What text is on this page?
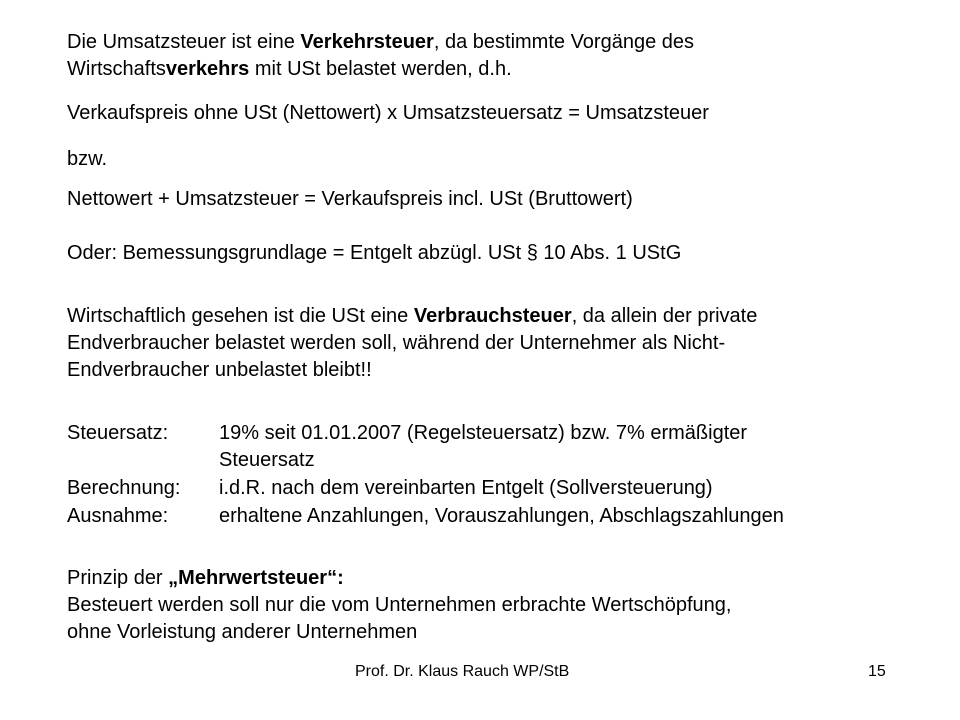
Die Umsatzsteuer ist eine Verkehrsteuer, da bestimmte Vorgänge des
Wirtschaftsverkehrs mit USt belastet werden, d.h.
Verkaufspreis ohne USt (Nettowert) x Umsatzsteuersatz = Umsatzsteuer
bzw.
Nettowert + Umsatzsteuer = Verkaufspreis incl. USt (Bruttowert)
Oder: Bemessungsgrundlage = Entgelt abzügl. USt § 10 Abs. 1 UStG
Wirtschaftlich gesehen ist die USt eine Verbrauchsteuer, da allein der private
Endverbraucher belastet werden soll, während der Unternehmer als Nicht-
Endverbraucher unbelastet bleibt!!
Steuersatz:	19% seit 01.01.2007 (Regelsteuersatz) bzw. 7% ermäßigter
Steuersatz
Berechnung: i.d.R. nach dem vereinbarten Entgelt (Sollversteuerung)
Ausnahme:	erhaltene Anzahlungen, Vorauszahlungen, Abschlagszahlungen
Prinzip der „Mehrwertsteuer“:
Besteuert werden soll nur die vom Unternehmen erbrachte Wertschöpfung,
ohne Vorleistung anderer Unternehmen
Prof. Dr. Klaus Rauch WP/StB	15
